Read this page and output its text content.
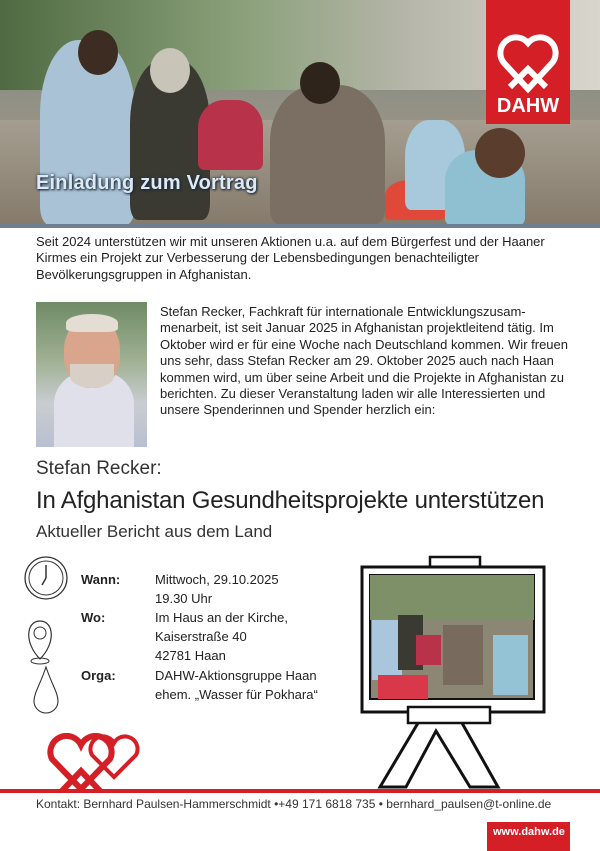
Einladung zum Vortrag
DAHW
Seit 2024 unterstützen wir mit unseren Aktionen u.a. auf dem Bürgerfest und der Haaner Kirmes ein Projekt zur Verbesserung der Lebensbedingungen benachteiligter Bevölkerungsgruppen in Afghanistan.
Stefan Recker, Fachkraft für internationale Entwicklungszusam-menarbeit, ist seit Januar 2025 in Afghanistan projektleitend tätig. Im Oktober wird er für eine Woche nach Deutschland kommen. Wir freuen uns sehr, dass Stefan Recker am 29. Oktober 2025 auch nach Haan kommen wird, um über seine Arbeit und die Projekte in Afghanistan zu berichten. Zu dieser Veranstaltung laden wir alle Interessierten und unsere Spenderinnen und Spender herzlich ein:
Stefan Recker:
In Afghanistan Gesundheitsprojekte unterstützen
Aktueller Bericht aus dem Land
Wann:	Mittwoch, 29.10.2025
19.30 Uhr
Wo:	Im Haus an der Kirche,
Kaiserstraße 40
42781 Haan
Orga:	DAHW-Aktionsgruppe Haan
ehem. „Wasser für Pokhara“
Kontakt: Bernhard Paulsen-Hammerschmidt •+49 171 6818 735 • bernhard_paulsen@t-online.de
www.dahw.de
